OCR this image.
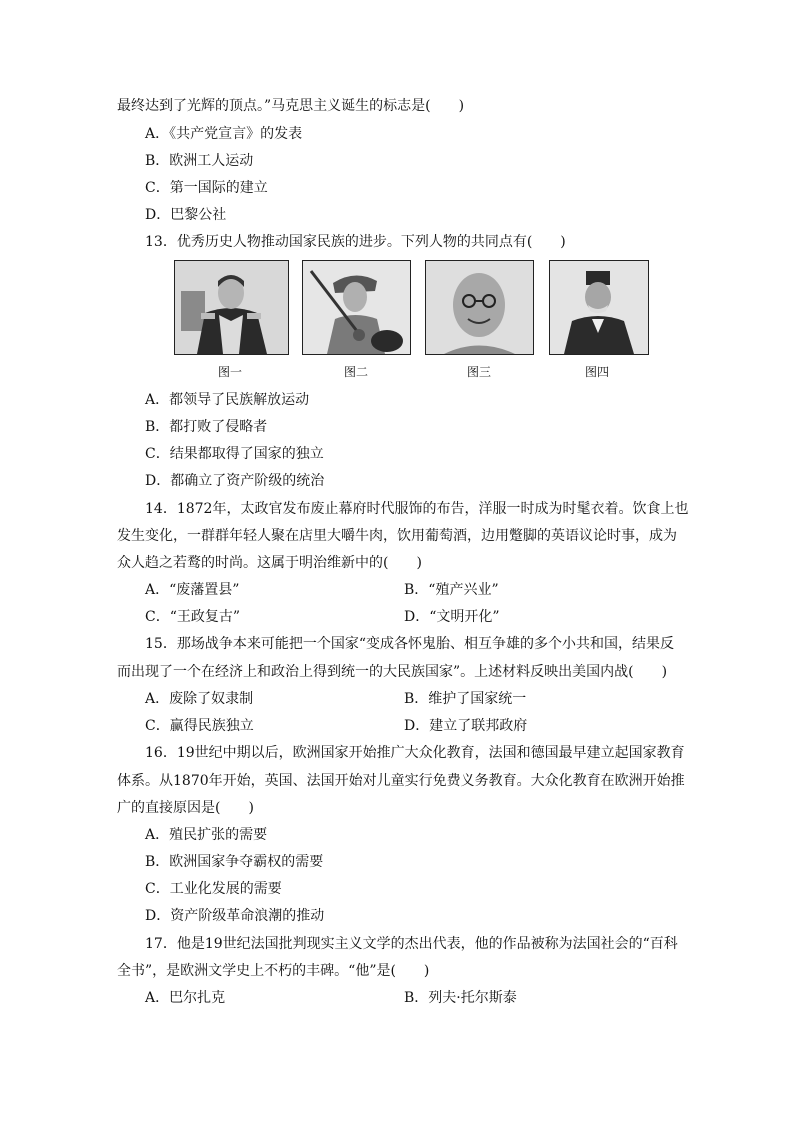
最终达到了光辉的顶点。”马克思主义诞生的标志是(　　)
A．《共产党宣言》的发表
B．欧洲工人运动
C．第一国际的建立
D．巴黎公社
13．优秀历史人物推动国家民族的进步。下列人物的共同点有(　　)
图一	图二	图三	图四
A．都领导了民族解放运动
B．都打败了侵略者
C．结果都取得了国家的独立
D．都确立了资产阶级的统治
14．1872年，太政官发布废止幕府时代服饰的布告，洋服一时成为时髦衣着。饮食上也
发生变化，一群群年轻人聚在店里大嚼牛肉，饮用葡萄酒，边用蹩脚的英语议论时事，成为
众人趋之若鹜的时尚。这属于明治维新中的(　　)
A．“废藩置县”	B．“殖产兴业”
C．“王政复古”	D．“文明开化”
15．那场战争本来可能把一个国家“变成各怀鬼胎、相互争雄的多个小共和国，结果反
而出现了一个在经济上和政治上得到统一的大民族国家”。上述材料反映出美国内战(　　)
A．废除了奴隶制	B．维护了国家统一
C．赢得民族独立	D．建立了联邦政府
16．19世纪中期以后，欧洲国家开始推广大众化教育，法国和德国最早建立起国家教育
体系。从1870年开始，英国、法国开始对儿童实行免费义务教育。大众化教育在欧洲开始推
广的直接原因是(　　)
A．殖民扩张的需要
B．欧洲国家争夺霸权的需要
C．工业化发展的需要
D．资产阶级革命浪潮的推动
17．他是19世纪法国批判现实主义文学的杰出代表，他的作品被称为法国社会的“百科
全书”，是欧洲文学史上不朽的丰碑。“他”是(　　)
A．巴尔扎克	B．列夫·托尔斯泰
